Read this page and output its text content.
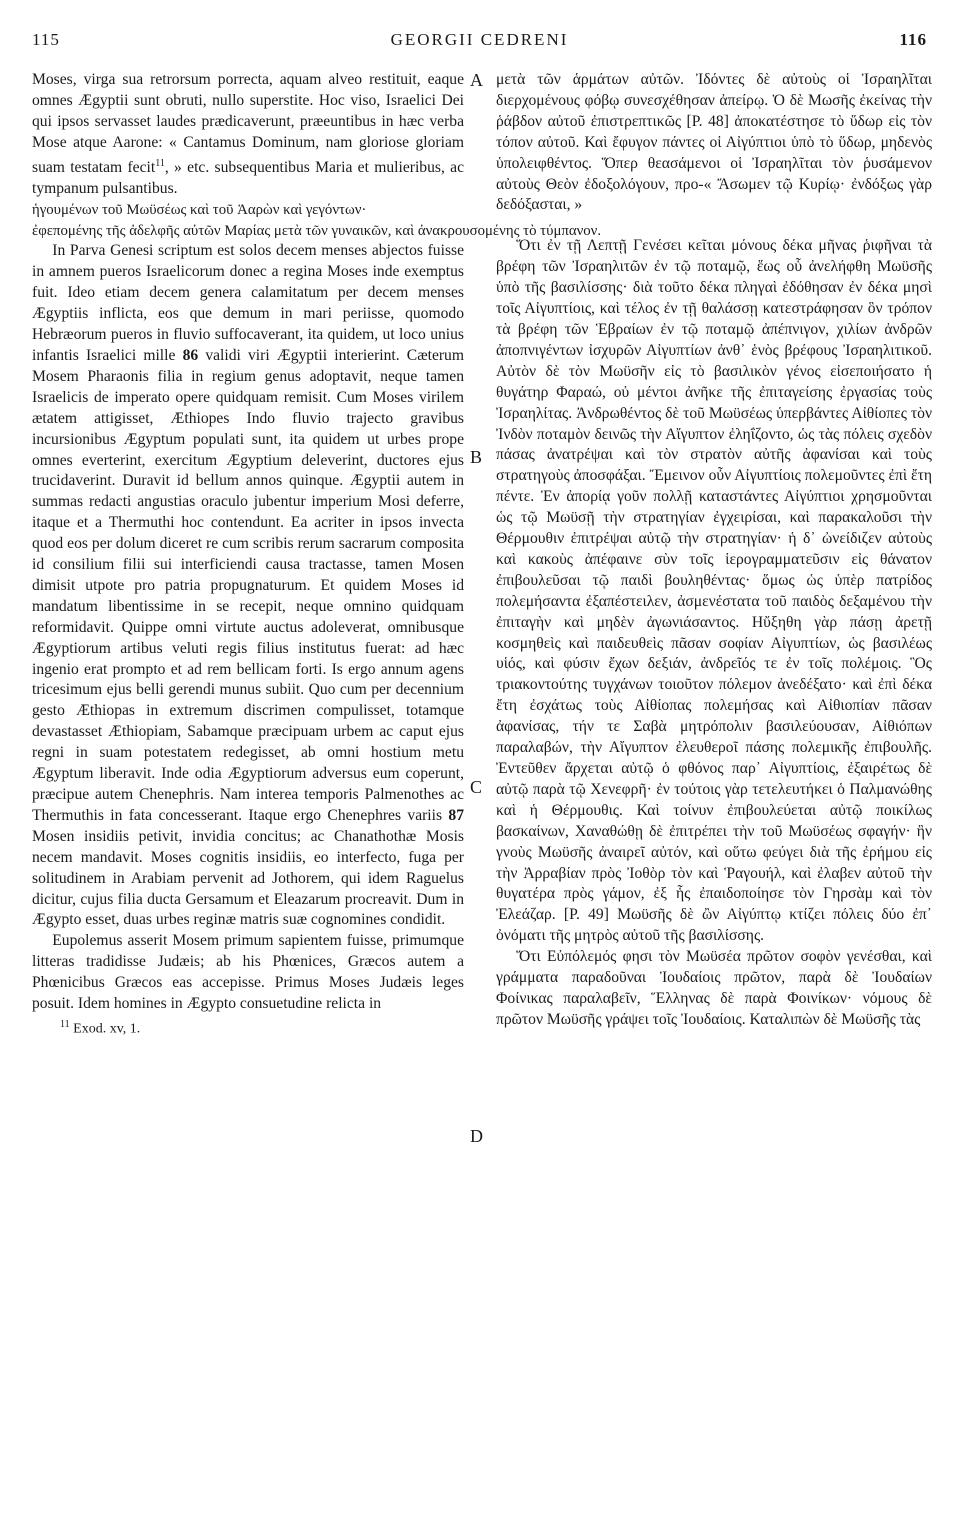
115	GEORGII CEDRENI	116
A
B
C
D

Moses, virga sua retrorsum porrecta, aquam alveo restituit, eaque omnes Ægyptii sunt obruti, nullo superstite. Hoc viso, Israelici Dei qui ipsos servasset laudes prædicaverunt, præeuntibus in hæc verba Mose atque Aarone: « Cantamus Dominum, nam gloriose gloriam suam testatam fecit$^{11}$, » etc. subsequentibus Maria et mulieribus, ac tympanum pulsantibus.

ἡγουμένων τοῦ Μωϋσέως καὶ τοῦ Ἀαρὼν καὶ γεγόντων·

ἐφεπομένης τῆς ἀδελφῆς αὐτῶν Μαρίας μετὰ τῶν γυναικῶν, καὶ ἀνακρουσομένης τὸ τύμπανον.

In Parva Genesi scriptum est solos decem menses abjectos fuisse in amnem pueros Israelicorum donec a regina Moses inde exemptus fuit. Ideo etiam decem genera calamitatum per decem menses Ægyptiis inflicta, eos que demum in mari periisse, quomodo Hebræorum pueros in fluvio suffocaverant, ita quidem, ut loco unius infantis Israelici mille 86 validi viri Ægyptii interierint. Cæterum Mosem Pharaonis filia in regium genus adoptavit, neque tamen Israelicis de imperato opere quidquam remisit. Cum Moses virilem ætatem attigisset, Æthiopes Indo fluvio trajecto gravibus incursionibus Ægyptum populati sunt, ita quidem ut urbes prope omnes everterint, exercitum Ægyptium deleverint, ductores ejus trucidaverint. Duravit id bellum annos quinque. Ægyptii autem in summas redacti angustias oraculo jubentur imperium Mosi deferre, itaque et a Thermuthi hoc contendunt. Ea acriter in ipsos invecta quod eos per dolum diceret re cum scribis rerum sacrarum composita id consilium filii sui interficiendi causa tractasse, tamen Mosen dimisit utpote pro patria propugnaturum. Et quidem Moses id mandatum libentissime in se recepit, neque omnino quidquam reformidavit. Quippe omni virtute auctus adoleverat, omnibusque Ægyptiorum artibus veluti regis filius institutus fuerat: ad hæc ingenio erat prompto et ad rem bellicam forti. Is ergo annum agens tricesimum ejus belli gerendi munus subiit. Quo cum per decennium gesto Æthiopas in extremum discrimen compulisset, totamque devastasset Æthiopiam, Sabamque præcipuam urbem ac caput ejus regni in suam potestatem redegisset, ab omni hostium metu Ægyptum liberavit. Inde odia Ægyptiorum adversus eum coperunt, præcipue autem Chenephris. Nam interea temporis Palmenothes ac Thermuthis in fata concesserant. Itaque ergo Chenephres variis 87 Mosen insidiis petivit, invidia concitus; ac Chanathothæ Mosis necem mandavit. Moses cognitis insidiis, eo interfecto, fuga per solitudinem in Arabiam pervenit ad Jothorem, qui idem Raguelus dicitur, cujus filia ducta Gersamum et Eleazarum procreavit. Dum in Ægypto esset, duas urbes reginæ matris suæ cognomines condidit.

Eupolemus asserit Mosem primum sapientem fuisse, primumque litteras tradidisse Judæis; ab his Phœnices, Græcos autem a Phœnicibus Græcos eas accepisse. Primus Moses Judæis leges posuit. Idem homines in Ægypto consuetudine relicta in

$^{11}$ Exod. xv, 1.

μετὰ τῶν ἁρμάτων αὐτῶν. Ἰδόντες δὲ αὐτοὺς οἱ Ἰσραηλῖται διερχομένους φόβῳ συνεσχέθησαν ἀπείρῳ. Ὁ δὲ Μωσῆς ἐκείνας τὴν ῥάβδον αὐτοῦ ἐπιστρεπτικῶς [P. 48] ἀποκατέστησε τὸ ὕδωρ εἰς τὸν τόπον αὐτοῦ. Καὶ ἔφυγον πάντες οἱ Αἰγύπτιοι ὑπὸ τὸ ὕδωρ, μηδενὸς ὑπολειφθέντος. Ὅπερ θεασάμενοι οἱ Ἰσραηλῖται τὸν ῥυσάμενον αὐτοὺς Θεὸν ἐδοξολόγουν, προ-« Ἄσωμεν τῷ Κυρίῳ· ἐνδόξως γὰρ δεδόξασται, »

Ὅτι ἐν τῇ Λεπτῇ Γενέσει κεῖται μόνους δέκα μῆνας ῥιφῆναι τὰ βρέφη τῶν Ἰσραηλιτῶν ἐν τῷ ποταμῷ, ἕως οὗ ἀνελήφθη Μωϋσῆς ὑπὸ τῆς βασιλίσσης· διὰ τοῦτο δέκα πληγαὶ ἐδόθησαν ἐν δέκα μησὶ τοῖς Αἰγυπτίοις, καὶ τέλος ἐν τῇ θαλάσσῃ κατεστράφησαν ὃν τρόπον τὰ βρέφη τῶν Ἑβραίων ἐν τῷ ποταμῷ ἀπέπνιγον, χιλίων ἀνδρῶν ἀποπνιγέντων ἰσχυρῶν Αἰγυπτίων ἀνθ᾽ ἑνὸς βρέφους Ἰσραηλιτικοῦ. Αὐτὸν δὲ τὸν Μωϋσῆν εἰς τὸ βασιλικὸν γένος εἰσεποιήσατο ἡ θυγάτηρ Φαραώ, οὐ μέντοι ἀνῆκε τῆς ἐπιταγείσης ἐργασίας τοὺς Ἰσραηλίτας. Ἀνδρωθέντος δὲ τοῦ Μωϋσέως ὑπερβάντες Αἰθίοπες τὸν Ἰνδὸν ποταμὸν δεινῶς τὴν Αἴγυπτον ἐληΐζοντο, ὡς τὰς πόλεις σχεδὸν πάσας ἀνατρέψαι καὶ τὸν στρατὸν αὐτῆς ἀφανίσαι καὶ τοὺς στρατηγοὺς ἀποσφάξαι. Ἔμεινον οὖν Αἰγυπτίοις πολεμοῦντες ἐπὶ ἔτη πέντε. Ἐν ἀπορίᾳ γοῦν πολλῇ καταστάντες Αἰγύπτιοι χρησμοῦνται ὡς τῷ Μωϋσῇ τὴν στρατηγίαν ἐγχειρίσαι, καὶ παρακαλοῦσι τὴν Θέρμουθιν ἐπιτρέψαι αὐτῷ τὴν στρατηγίαν· ἡ δ᾽ ὠνείδιζεν αὐτοὺς καὶ κακοὺς ἀπέφαινε σὺν τοῖς ἱερογραμματεῦσιν εἰς θάνατον ἐπιβουλεῦσαι τῷ παιδὶ βουληθέντας· ὅμως ὡς ὑπὲρ πατρίδος πολεμήσαντα ἐξαπέστειλεν, ἀσμενέστατα τοῦ παιδὸς δεξαμένου τὴν ἐπιταγὴν καὶ μηδὲν ἀγωνιάσαντος. Ηὔξηθη γὰρ πάσῃ ἀρετῇ κοσμηθεὶς καὶ παιδευθεὶς πᾶσαν σοφίαν Αἰγυπτίων, ὡς βασιλέως υἱός, καὶ φύσιν ἔχων δεξιάν, ἀνδρεῖός τε ἐν τοῖς πολέμοις. Ὃς τριακοντούτης τυγχάνων τοιοῦτον πόλεμον ἀνεδέξατο· καὶ ἐπὶ δέκα ἔτη ἐσχάτως τοὺς Αἰθίοπας πολεμήσας καὶ Αἰθιοπίαν πᾶσαν ἀφανίσας, τήν τε Σαβὰ μητρόπολιν βασιλεύουσαν, Αἰθιόπων παραλαβών, τὴν Αἴγυπτον ἐλευθεροῖ πάσης πολεμικῆς ἐπιβουλῆς. Ἐντεῦθεν ἄρχεται αὐτῷ ὁ φθόνος παρ᾽ Αἰγυπτίοις, ἐξαιρέτως δὲ αὐτῷ παρὰ τῷ Χενεφρῆ· ἐν τούτοις γὰρ τετελευτήκει ὁ Παλμανώθης καὶ ἡ Θέρμουθις. Καὶ τοίνυν ἐπιβουλεύεται αὐτῷ ποικίλως βασκαίνων, Χαναθώθῃ δὲ ἐπιτρέπει τὴν τοῦ Μωϋσέως σφαγήν· ἣν γνοὺς Μωϋσῆς ἀναιρεῖ αὐτόν, καὶ οὕτω φεύγει διὰ τῆς ἐρήμου εἰς τὴν Ἀρραβίαν πρὸς Ἰοθὸρ τὸν καὶ Ῥαγουήλ, καὶ ἐλαβεν αὐτοῦ τὴν θυγατέρα πρὸς γάμον, ἐξ ἧς ἐπαιδοποίησε τὸν Γηρσὰμ καὶ τὸν Ἐλεάζαρ. [P. 49] Μωϋσῆς δὲ ὢν Αἰγύπτῳ κτίζει πόλεις δύο ἐπ᾽ ὀνόματι τῆς μητρὸς αὐτοῦ τῆς βασιλίσσης.

Ὅτι Εὐπόλεμός φησι τὸν Μωϋσέα πρῶτον σοφὸν γενέσθαι, καὶ γράμματα παραδοῦναι Ἰουδαίοις πρῶτον, παρὰ δὲ Ἰουδαίων Φοίνικας παραλαβεῖν, Ἕλληνας δὲ παρὰ Φοινίκων· νόμους δὲ πρῶτον Μωϋσῆς γράψει τοῖς Ἰουδαίοις. Καταλιπὼν δὲ Μωϋσῆς τὰς
